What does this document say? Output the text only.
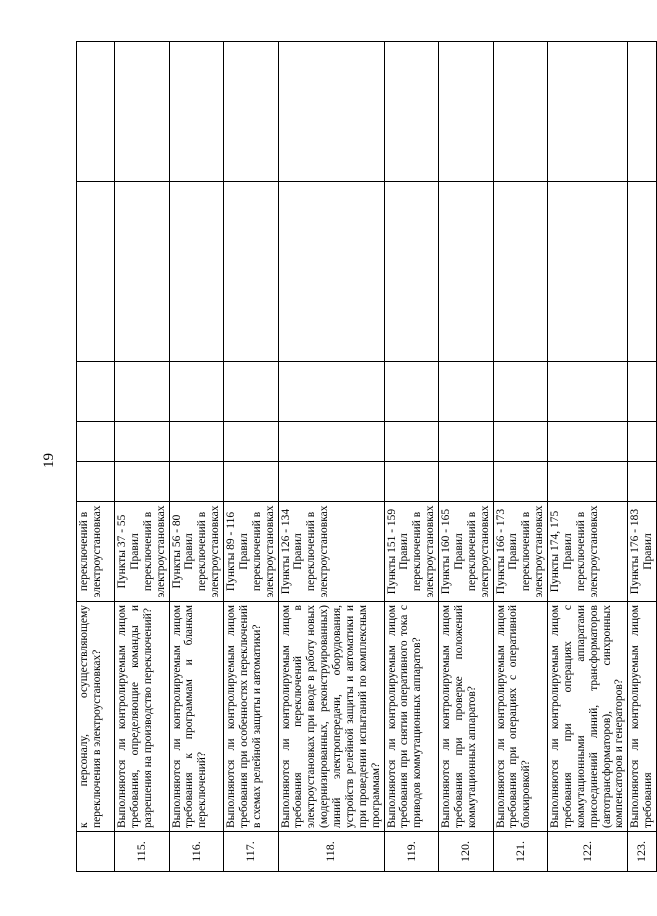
19
	к персоналу, осуществляющему переключения в электроустановках?	переключений в электроустановках					
115.	Выполняются ли контролируемым лицом требования, определяющие команды и разрешения на производство переключений?	Пункты 37 - 55 Правил переключений в электроустановках					
116.	Выполняются ли контролируемым лицом требования к программам и бланкам переключений?	Пункты 56 - 80 Правил переключений в электроустановках					
117.	Выполняются ли контролируемым лицом требования при особенностях переключений в схемах релейной защиты и автоматики?	Пункты 89 - 116 Правил переключений в электроустановках					
118.	Выполняются ли контролируемым лицом требования переключений в электроустановках при вводе в работу новых (модернизированных, реконструированных) линий электропередачи, оборудования, устройств релейной защиты и автоматики и при проведении испытаний по комплексным программам?	Пункты 126 - 134 Правил переключений в электроустановках					
119.	Выполняются ли контролируемым лицом требования при снятии оперативного тока с приводов коммутационных аппаратов?	Пункты 151 - 159 Правил переключений в электроустановках					
120.	Выполняются ли контролируемым лицом требования при проверке положений коммутационных аппаратов?	Пункты 160 - 165 Правил переключений в электроустановках					
121.	Выполняются ли контролируемым лицом требования при операциях с оперативной блокировкой?	Пункты 166 - 173 Правил переключений в электроустановках					
122.	Выполняются ли контролируемым лицом требования при операциях с коммутационными аппаратами присоединений линий, трансформаторов (автотрансформаторов), синхронных компенсаторов и генераторов?	Пункты 174, 175 Правил переключений в электроустановках					
123.	Выполняются ли контролируемым лицом требования	Пункты 176 - 183 Правил					
